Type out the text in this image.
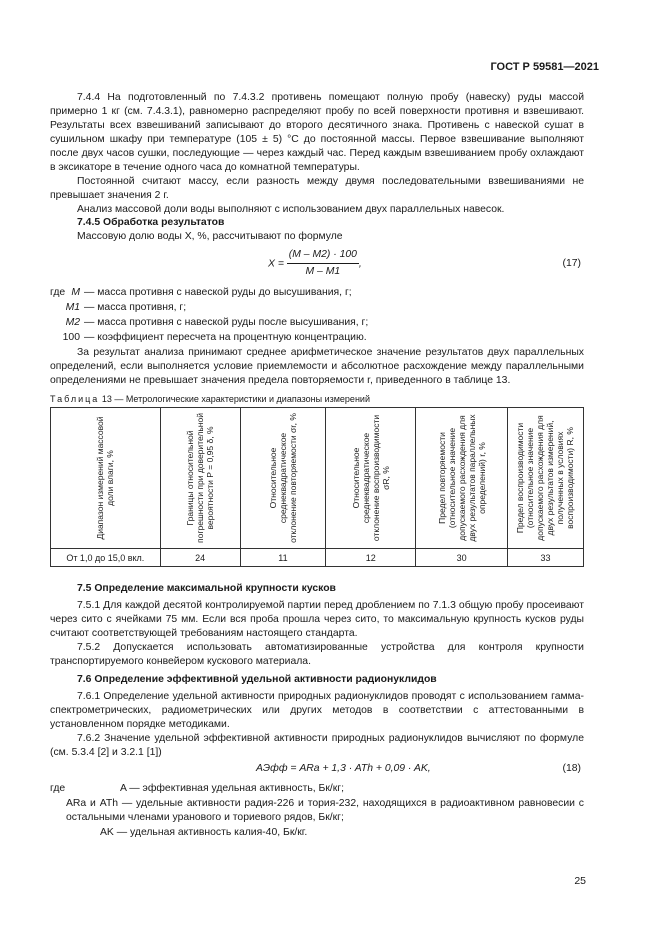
ГОСТ Р 59581—2021
7.4.4 На подготовленный по 7.4.3.2 противень помещают полную пробу (навеску) руды массой примерно 1 кг (см. 7.4.3.1), равномерно распределяют пробу по всей поверхности противня и взвешивают. Результаты всех взвешиваний записывают до второго десятичного знака. Противень с навеской сушат в сушильном шкафу при температуре (105 ± 5) °С до постоянной массы. Первое взвешивание выполняют после двух часов сушки, последующие — через каждый час. Перед каждым взвешиванием пробу охлаждают в эксикаторе в течение одного часа до комнатной температуры.
Постоянной считают массу, если разность между двумя последовательными взвешиваниями не превышает значения 2 г.
Анализ массовой доли воды выполняют с использованием двух параллельных навесок.
7.4.5 Обработка результатов
Массовую долю воды X, %, рассчитывают по формуле
$X = \frac{(M - M2) \cdot 100}{M - M1}$ ,	(17)
где M — масса противня с навеской руды до высушивания, г;
M1 — масса противня, г;
M2 — масса противня с навеской руды после высушивания, г;
100 — коэффициент пересчета на процентную концентрацию.
За результат анализа принимают среднее арифметическое значение результатов двух параллельных определений, если выполняется условие приемлемости и абсолютное расхождение между параллельными определениями не превышает значения предела повторяемости r, приведенного в таблице 13.
Таблица 13 — Метрологические характеристики и диапазоны измерений
Диапазон измерений массовой доли влаги, %	Границы относительной погрешности при доверительной вероятности Р = 0,95 δ, %	Относительное среднеквадратическое отклонение повторяемости σr, %	Относительное среднеквадратическое отклонение воспроизводимости σR, %	Предел повторяемости (относительное значение допускаемого расхождения для двух результатов параллельных определений) r, %	Предел воспроизводимости (относительное значение допускаемого расхождения для двух результатов измерений, полученных в условиях воспроизводимости) R, %

От 1,0 до 15,0 вкл.	24	11	12	30	33
7.5 Определение максимальной крупности кусков
7.5.1 Для каждой десятой контролируемой партии перед дроблением по 7.1.3 общую пробу просеивают через сито с ячейками 75 мм. Если вся проба прошла через сито, то максимальную крупность кусков руды считают соответствующей требованиям настоящего стандарта.
7.5.2 Допускается использовать автоматизированные устройства для контроля крупности транспортируемого конвейером кускового материала.
7.6 Определение эффективной удельной активности радионуклидов
7.6.1 Определение удельной активности природных радионуклидов проводят с использованием гамма-спектрометрических, радиометрических или других методов в соответствии с аттестованными в установленном порядке методиками.
7.6.2 Значение удельной эффективной активности природных радионуклидов вычисляют по формуле (см. 5.3.4 [2] и 3.2.1 [1])
AЭфф = ARa + 1,3 · ATh + 0,09 · AK,	(18)
где	A — эффективная удельная активность, Бк/кг;
ARa и ATh — удельные активности радия-226 и тория-232, находящихся в радиоактивном равновесии с остальными членами уранового и ториевого рядов, Бк/кг;
AK — удельная активность калия-40, Бк/кг.
25
